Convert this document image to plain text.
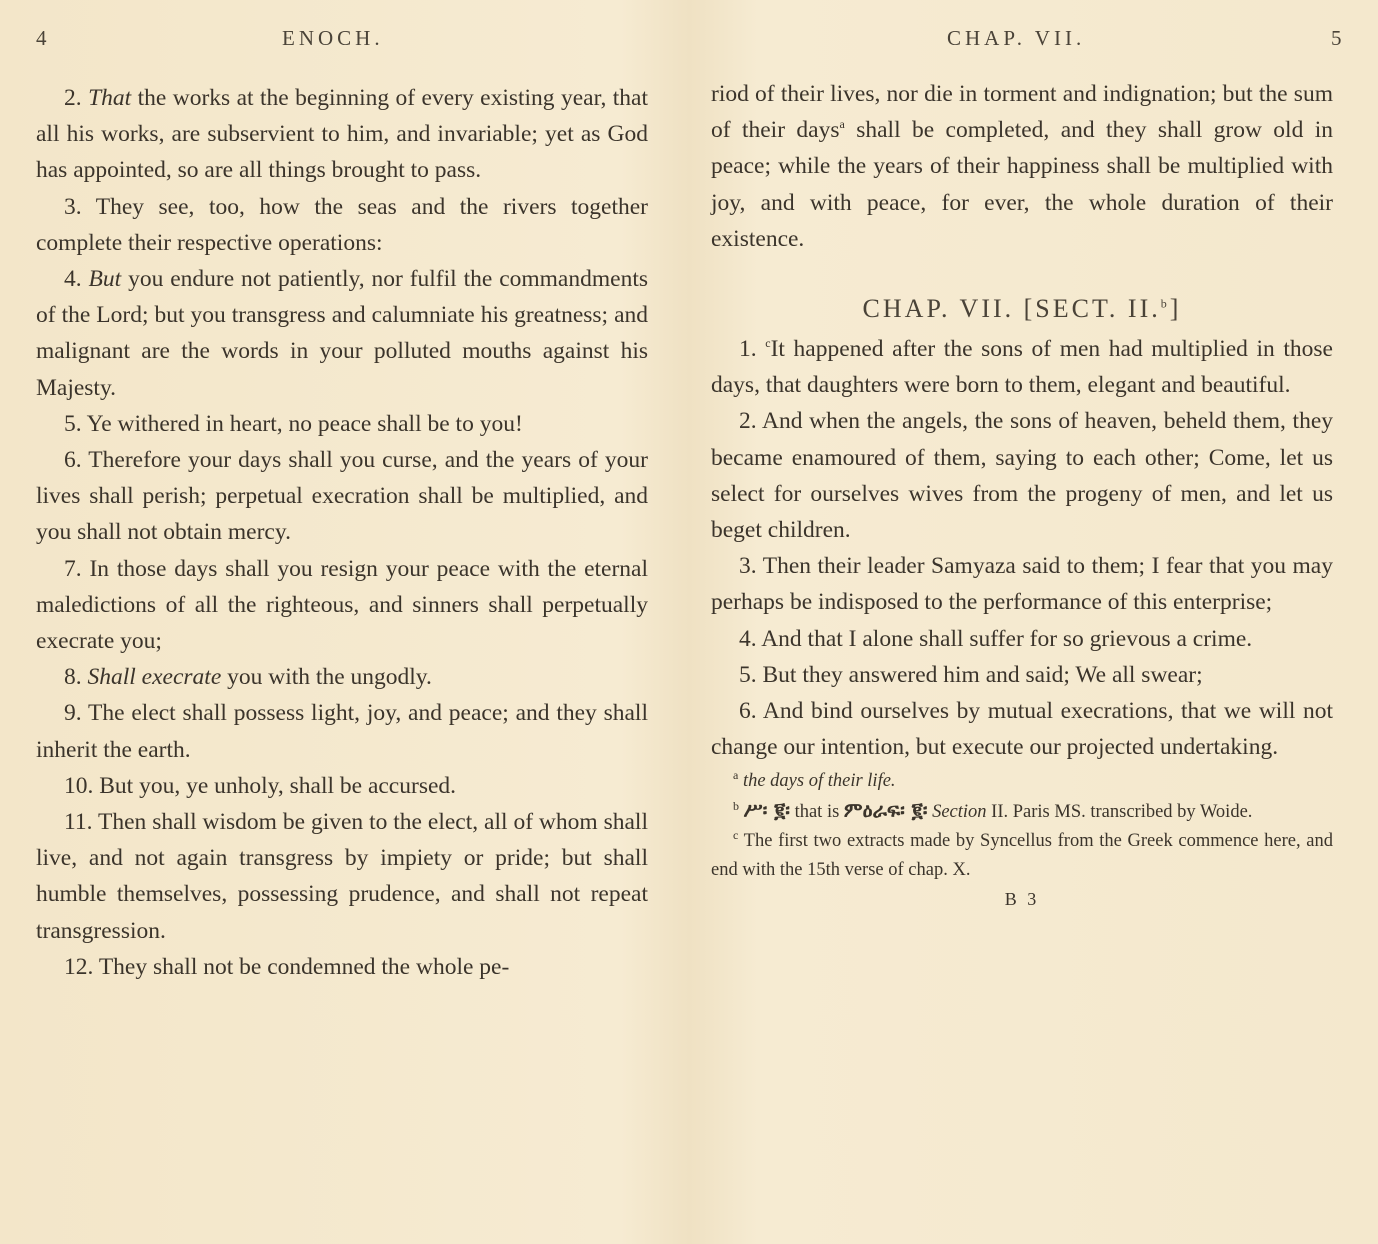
4	ENOCH.

2. That the works at the beginning of every existing year, that all his works, are subservient to him, and invariable; yet as God has appointed, so are all things brought to pass.

3. They see, too, how the seas and the rivers together complete their respective operations:

4. But you endure not patiently, nor fulfil the commandments of the Lord; but you transgress and calumniate his greatness; and malignant are the words in your polluted mouths against his Majesty.

5. Ye withered in heart, no peace shall be to you!

6. Therefore your days shall you curse, and the years of your lives shall perish; perpetual execration shall be multiplied, and you shall not obtain mercy.

7. In those days shall you resign your peace with the eternal maledictions of all the righteous, and sinners shall perpetually execrate you;

8. Shall execrate you with the ungodly.

9. The elect shall possess light, joy, and peace; and they shall inherit the earth.

10. But you, ye unholy, shall be accursed.

11. Then shall wisdom be given to the elect, all of whom shall live, and not again transgress by impiety or pride; but shall humble themselves, possessing prudence, and shall not repeat transgression.

12. They shall not be condemned the whole pe-

CHAP. VII.	5

riod of their lives, nor die in torment and indignation; but the sum of their days$^a$ shall be completed, and they shall grow old in peace; while the years of their happiness shall be multiplied with joy, and with peace, for ever, the whole duration of their existence.

CHAP. VII. [SECT. II.$^b$]

1. $^c$It happened after the sons of men had multiplied in those days, that daughters were born to them, elegant and beautiful.

2. And when the angels, the sons of heaven, beheld them, they became enamoured of them, saying to each other; Come, let us select for ourselves wives from the progeny of men, and let us beget children.

3. Then their leader Samyaza said to them; I fear that you may perhaps be indisposed to the performance of this enterprise;

4. And that I alone shall suffer for so grievous a crime.

5. But they answered him and said; We all swear;

6. And bind ourselves by mutual execrations, that we will not change our intention, but execute our projected undertaking.

$^a$ the days of their life.

$^b$ ሥ፡ ፪፡ that is ምዕራፍ፡ ፪፡ Section II. Paris MS. transcribed by Woide.

$^c$ The first two extracts made by Syncellus from the Greek commence here, and end with the 15th verse of chap. X.

B 3
